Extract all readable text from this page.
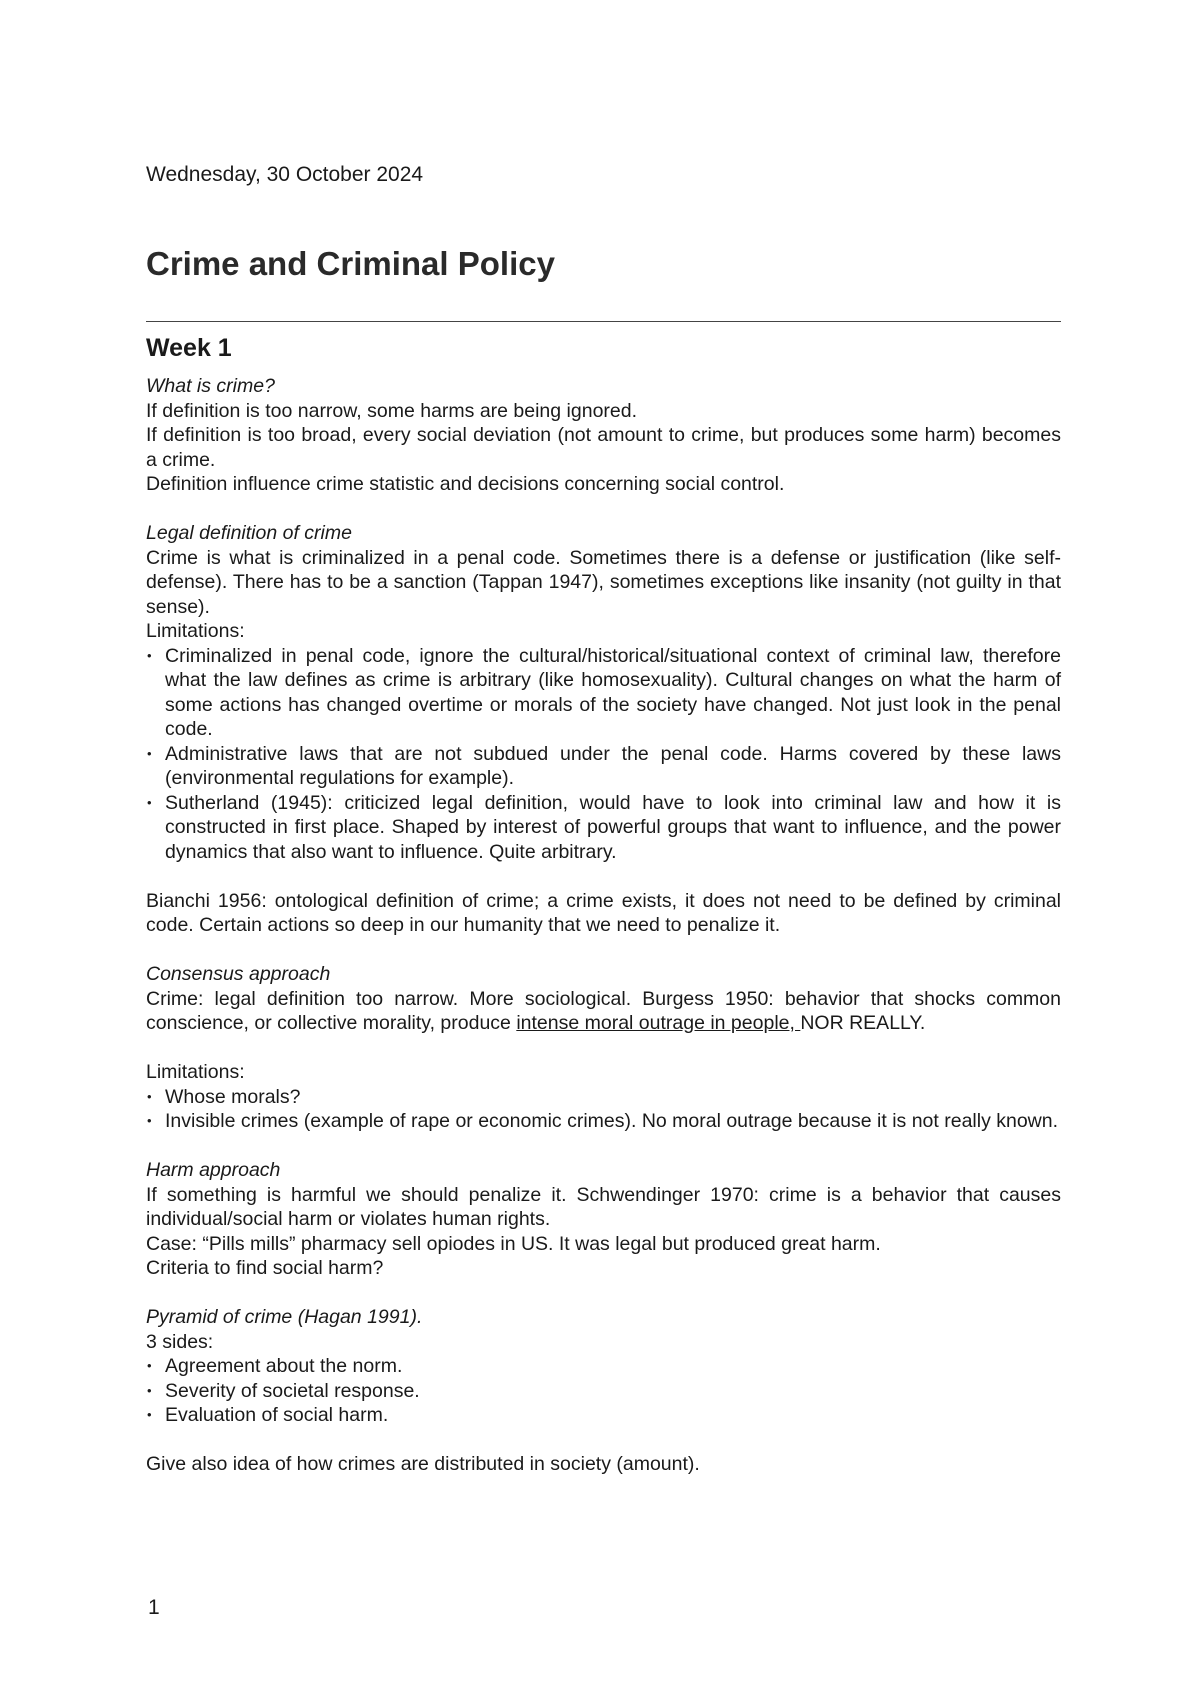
Wednesday, 30 October 2024
Crime and Criminal Policy
Week 1

What is crime?

If definition is too narrow, some harms are being ignored.

If definition is too broad, every social deviation (not amount to crime, but produces some harm) becomes a crime.

Definition influence crime statistic and decisions concerning social control.

Legal definition of crime

Crime is what is criminalized in a penal code. Sometimes there is a defense or justification (like self-defense). There has to be a sanction (Tappan 1947), sometimes exceptions like insanity (not guilty in that sense).

Limitations:

• Criminalized in penal code, ignore the cultural/historical/situational context of criminal law, therefore what the law defines as crime is arbitrary (like homosexuality). Cultural changes on what the harm of some actions has changed overtime or morals of the society have changed. Not just look in the penal code.
• Administrative laws that are not subdued under the penal code. Harms covered by these laws (environmental regulations for example).
• Sutherland (1945): criticized legal definition, would have to look into criminal law and how it is constructed in first place. Shaped by interest of powerful groups that want to influence, and the power dynamics that also want to influence. Quite arbitrary.

Bianchi 1956: ontological definition of crime; a crime exists, it does not need to be defined by criminal code. Certain actions so deep in our humanity that we need to penalize it.

Consensus approach

Crime: legal definition too narrow. More sociological. Burgess 1950: behavior that shocks common conscience, or collective morality, produce intense moral outrage in people, NOR REALLY.

Limitations:

• Whose morals?
• Invisible crimes (example of rape or economic crimes). No moral outrage because it is not really known.

Harm approach

If something is harmful we should penalize it. Schwendinger 1970: crime is a behavior that causes individual/social harm or violates human rights.

Case: “Pills mills” pharmacy sell opiodes in US. It was legal but produced great harm.

Criteria to find social harm?

Pyramid of crime (Hagan 1991).

3 sides:

• Agreement about the norm.
• Severity of societal response.
• Evaluation of social harm.

Give also idea of how crimes are distributed in society (amount).

1
